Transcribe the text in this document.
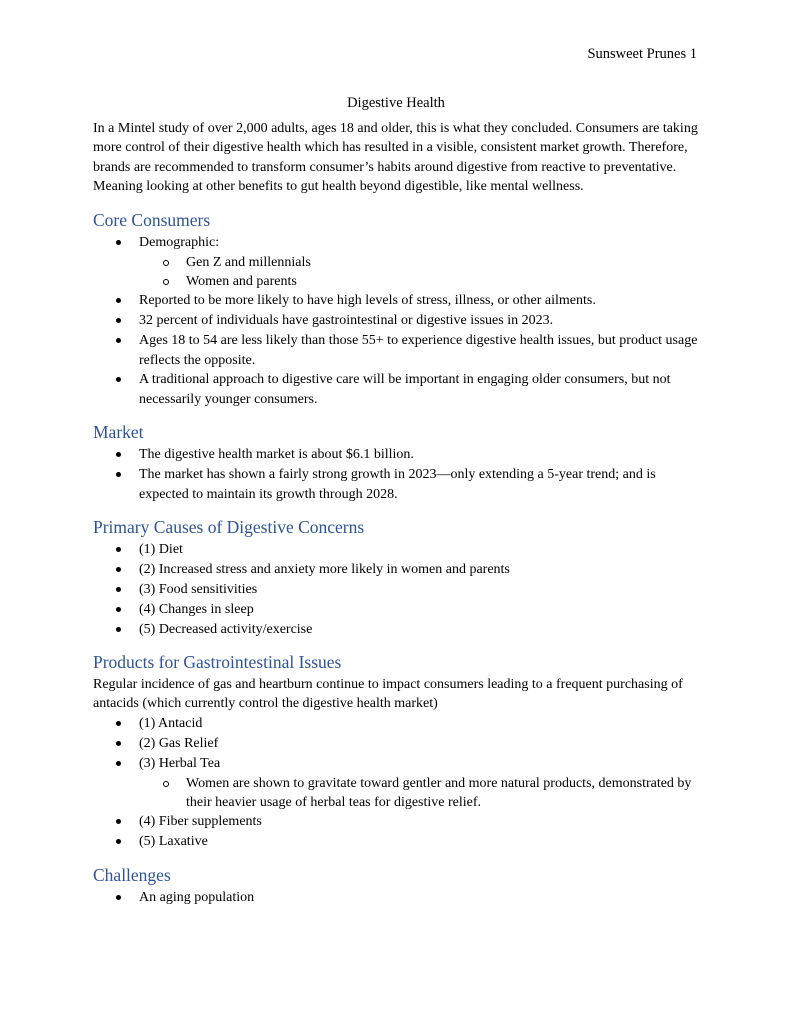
Sunsweet Prunes 1
Digestive Health

In a Mintel study of over 2,000 adults, ages 18 and older, this is what they concluded. Consumers are taking more control of their digestive health which has resulted in a visible, consistent market growth. Therefore, brands are recommended to transform consumer’s habits around digestive from reactive to preventative. Meaning looking at other benefits to gut health beyond digestible, like mental wellness.

Core Consumers
Demographic:
Gen Z and millennials
Women and parents
Reported to be more likely to have high levels of stress, illness, or other ailments.
32 percent of individuals have gastrointestinal or digestive issues in 2023.
Ages 18 to 54 are less likely than those 55+ to experience digestive health issues, but product usage reflects the opposite.
A traditional approach to digestive care will be important in engaging older consumers, but not necessarily younger consumers.
Market
The digestive health market is about $6.1 billion.
The market has shown a fairly strong growth in 2023—only extending a 5-year trend; and is expected to maintain its growth through 2028.
Primary Causes of Digestive Concerns
(1) Diet
(2) Increased stress and anxiety more likely in women and parents
(3) Food sensitivities
(4) Changes in sleep
(5) Decreased activity/exercise
Products for Gastrointestinal Issues

Regular incidence of gas and heartburn continue to impact consumers leading to a frequent purchasing of antacids (which currently control the digestive health market)

(1) Antacid
(2) Gas Relief
(3) Herbal Tea
Women are shown to gravitate toward gentler and more natural products, demonstrated by their heavier usage of herbal teas for digestive relief.
(4) Fiber supplements
(5) Laxative
Challenges
An aging population
